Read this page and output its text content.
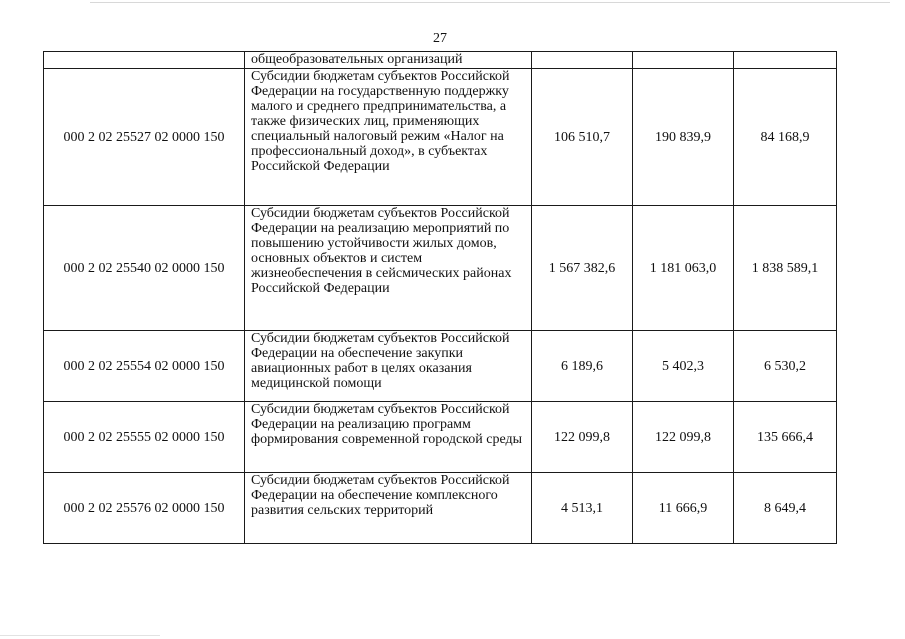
27
	общеобразовательных организаций			
000 2 02 25527 02 0000 150	Субсидии бюджетам субъектов Российской Федерации на государственную поддержку малого и среднего предпринимательства, а также физических лиц, применяющих специальный налоговый режим «Налог на профессиональный доход», в субъектах Российской Федерации	106 510,7	190 839,9	84 168,9
000 2 02 25540 02 0000 150	Субсидии бюджетам субъектов Российской Федерации на реализацию мероприятий по повышению устойчивости жилых домов, основных объектов и систем жизнеобеспечения в сейсмических районах Российской Федерации	1 567 382,6	1 181 063,0	1 838 589,1
000 2 02 25554 02 0000 150	Субсидии бюджетам субъектов Российской Федерации на обеспечение закупки авиационных работ в целях оказания медицинской помощи	6 189,6	5 402,3	6 530,2
000 2 02 25555 02 0000 150	Субсидии бюджетам субъектов Российской Федерации на реализацию программ формирования современной городской среды	122 099,8	122 099,8	135 666,4
000 2 02 25576 02 0000 150	Субсидии бюджетам субъектов Российской Федерации на обеспечение комплексного развития сельских территорий	4 513,1	11 666,9	8 649,4
